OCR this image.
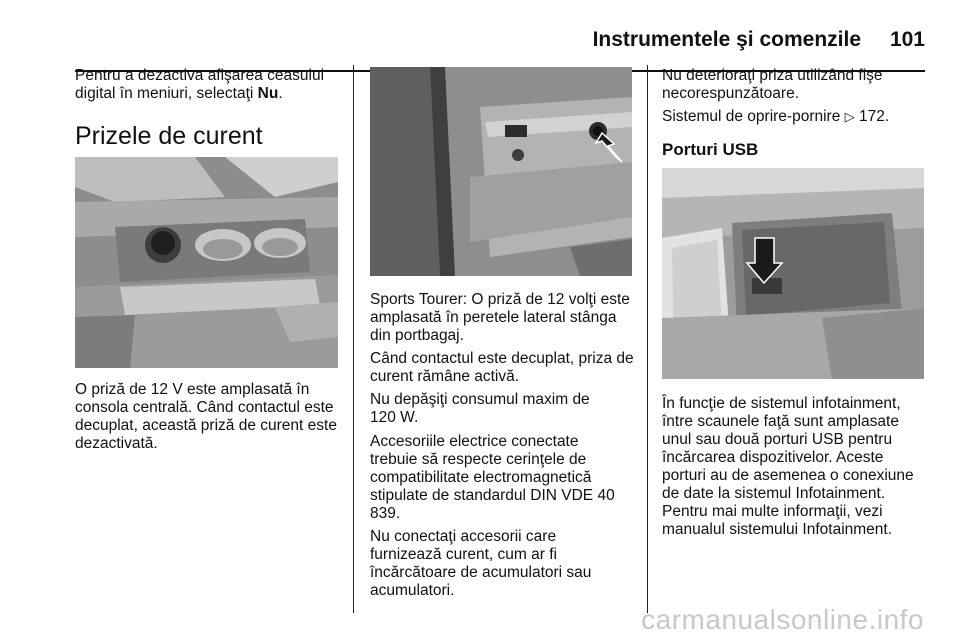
Instrumentele şi comenzile 101
Pentru a dezactiva afişarea ceasului digital în meniuri, selectaţi Nu.
Prizele de curent
O priză de 12 V este amplasată în consola centrală. Când contactul este decuplat, această priză de curent este dezactivată.
Sports Tourer: O priză de 12 volţi este amplasată în peretele lateral stânga din portbagaj.
Când contactul este decuplat, priza de curent rămâne activă.
Nu depăşiţi consumul maxim de 120 W.
Accesoriile electrice conectate trebuie să respecte cerinţele de compatibilitate electromagnetică stipulate de standardul DIN VDE 40 839.
Nu conectaţi accesorii care furnizează curent, cum ar fi încărcătoare de acumulatori sau acumulatori.
Nu deterioraţi priza utilizând fişe necorespunzătoare.
Sistemul de oprire-pornire ▷ 172.
Porturi USB
În funcţie de sistemul infotainment, între scaunele faţă sunt amplasate unul sau două porturi USB pentru încărcarea dispozitivelor. Aceste porturi au de asemenea o conexiune de date la sistemul Infotainment. Pentru mai multe informaţii, vezi manualul sistemului Infotainment.
carmanualsonline.info
